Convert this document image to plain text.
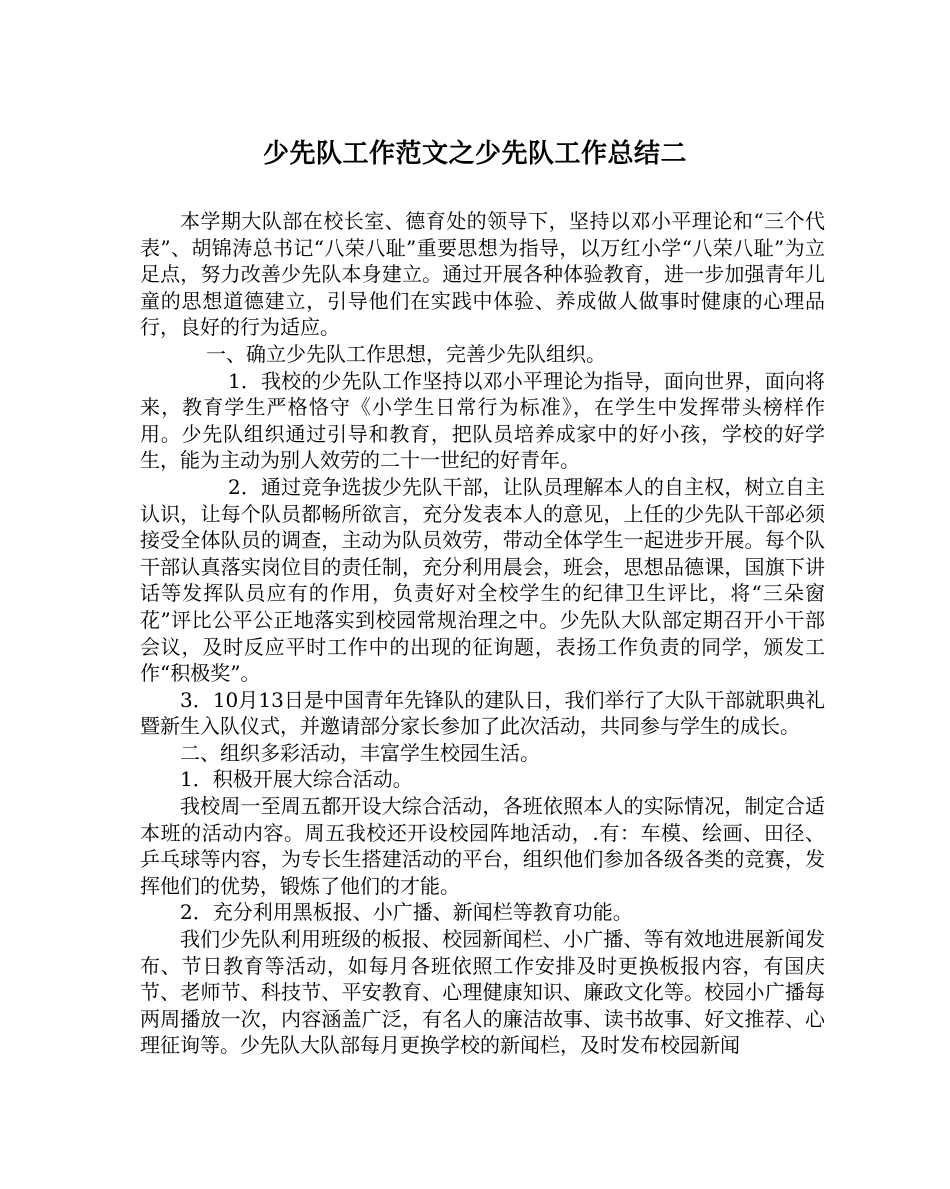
少先队工作范文之少先队工作总结二

本学期大队部在校长室、德育处的领导下，坚持以邓小平理论和“三个代表”、胡锦涛总书记“八荣八耻”重要思想为指导，以万红小学“八荣八耻”为立足点，努力改善少先队本身建立。通过开展各种体验教育，进一步加强青年儿童的思想道德建立，引导他们在实践中体验、养成做人做事时健康的心理品行，良好的行为适应。

一、确立少先队工作思想，完善少先队组织。

1．我校的少先队工作坚持以邓小平理论为指导，面向世界，面向将来，教育学生严格恪守《小学生日常行为标准》，在学生中发挥带头榜样作用。少先队组织通过引导和教育，把队员培养成家中的好小孩，学校的好学生，能为主动为别人效劳的二十一世纪的好青年。

2．通过竞争选拔少先队干部，让队员理解本人的自主权，树立自主认识，让每个队员都畅所欲言，充分发表本人的意见，上任的少先队干部必须接受全体队员的调查，主动为队员效劳，带动全体学生一起进步开展。每个队干部认真落实岗位目的责任制，充分利用晨会，班会，思想品德课，国旗下讲话等发挥队员应有的作用，负责好对全校学生的纪律卫生评比，将“三朵窗花”评比公平公正地落实到校园常规治理之中。少先队大队部定期召开小干部会议，及时反应平时工作中的出现的征询题，表扬工作负责的同学，颁发工作“积极奖”。

3．10月13日是中国青年先锋队的建队日，我们举行了大队干部就职典礼暨新生入队仪式，并邀请部分家长参加了此次活动，共同参与学生的成长。

二、组织多彩活动，丰富学生校园生活。

1．积极开展大综合活动。

我校周一至周五都开设大综合活动，各班依照本人的实际情况，制定合适本班的活动内容。周五我校还开设校园阵地活动，.有：车模、绘画、田径、乒乓球等内容，为专长生搭建活动的平台，组织他们参加各级各类的竞赛，发挥他们的优势，锻炼了他们的才能。

2．充分利用黑板报、小广播、新闻栏等教育功能。

我们少先队利用班级的板报、校园新闻栏、小广播、等有效地进展新闻发布、节日教育等活动，如每月各班依照工作安排及时更换板报内容，有国庆节、老师节、科技节、平安教育、心理健康知识、廉政文化等。校园小广播每两周播放一次，内容涵盖广泛，有名人的廉洁故事、读书故事、好文推荐、心理征询等。少先队大队部每月更换学校的新闻栏，及时发布校园新闻
